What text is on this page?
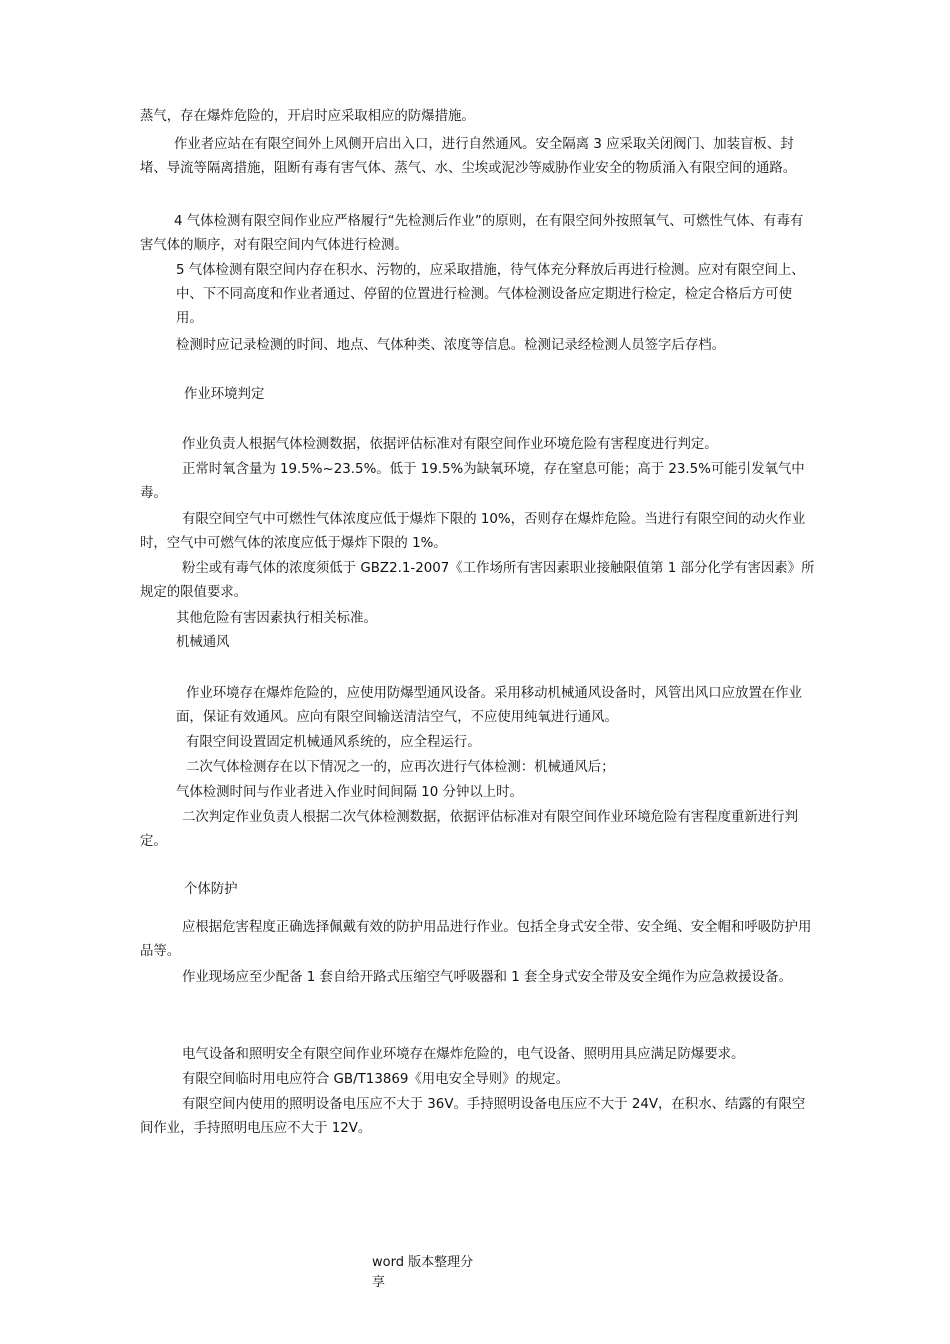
蒸气，存在爆炸危险的，开启时应采取相应的防爆措施。

作业者应站在有限空间外上风侧开启出入口，进行自然通风。安全隔离 3 应采取关闭阀门、加装盲板、封堵、导流等隔离措施，阻断有毒有害气体、蒸气、水、尘埃或泥沙等威胁作业安全的物质涌入有限空间的通路。

4 气体检测有限空间作业应严格履行“先检测后作业”的原则，在有限空间外按照氧气、可燃性气体、有毒有害气体的顺序，对有限空间内气体进行检测。

5 气体检测有限空间内存在积水、污物的，应采取措施，待气体充分释放后再进行检测。应对有限空间上、中、下不同高度和作业者通过、停留的位置进行检测。气体检测设备应定期进行检定，检定合格后方可使用。

检测时应记录检测的时间、地点、气体种类、浓度等信息。检测记录经检测人员签字后存档。

作业环境判定

作业负责人根据气体检测数据，依据评估标准对有限空间作业环境危险有害程度进行判定。

正常时氧含量为 19.5%~23.5%。低于 19.5%为缺氧环境，存在窒息可能；高于 23.5%可能引发氧气中毒。

有限空间空气中可燃性气体浓度应低于爆炸下限的 10%，否则存在爆炸危险。当进行有限空间的动火作业时，空气中可燃气体的浓度应低于爆炸下限的 1%。

粉尘或有毒气体的浓度须低于 GBZ2.1-2007《工作场所有害因素职业接触限值第 1 部分化学有害因素》所规定的限值要求。

其他危险有害因素执行相关标准。

机械通风

作业环境存在爆炸危险的，应使用防爆型通风设备。采用移动机械通风设备时，风管出风口应放置在作业面，保证有效通风。应向有限空间输送清洁空气，不应使用纯氧进行通风。

有限空间设置固定机械通风系统的，应全程运行。

二次气体检测存在以下情况之一的，应再次进行气体检测：机械通风后；

气体检测时间与作业者进入作业时间间隔 10 分钟以上时。

二次判定作业负责人根据二次气体检测数据，依据评估标准对有限空间作业环境危险有害程度重新进行判定。

个体防护

应根据危害程度正确选择佩戴有效的防护用品进行作业。包括全身式安全带、安全绳、安全帽和呼吸防护用品等。

作业现场应至少配备 1 套自给开路式压缩空气呼吸器和 1 套全身式安全带及安全绳作为应急救援设备。

电气设备和照明安全有限空间作业环境存在爆炸危险的，电气设备、照明用具应满足防爆要求。

有限空间临时用电应符合 GB/T13869《用电安全导则》的规定。

有限空间内使用的照明设备电压应不大于 36V。手持照明设备电压应不大于 24V，在积水、结露的有限空间作业，手持照明电压应不大于 12V。

word 版本整理分享
